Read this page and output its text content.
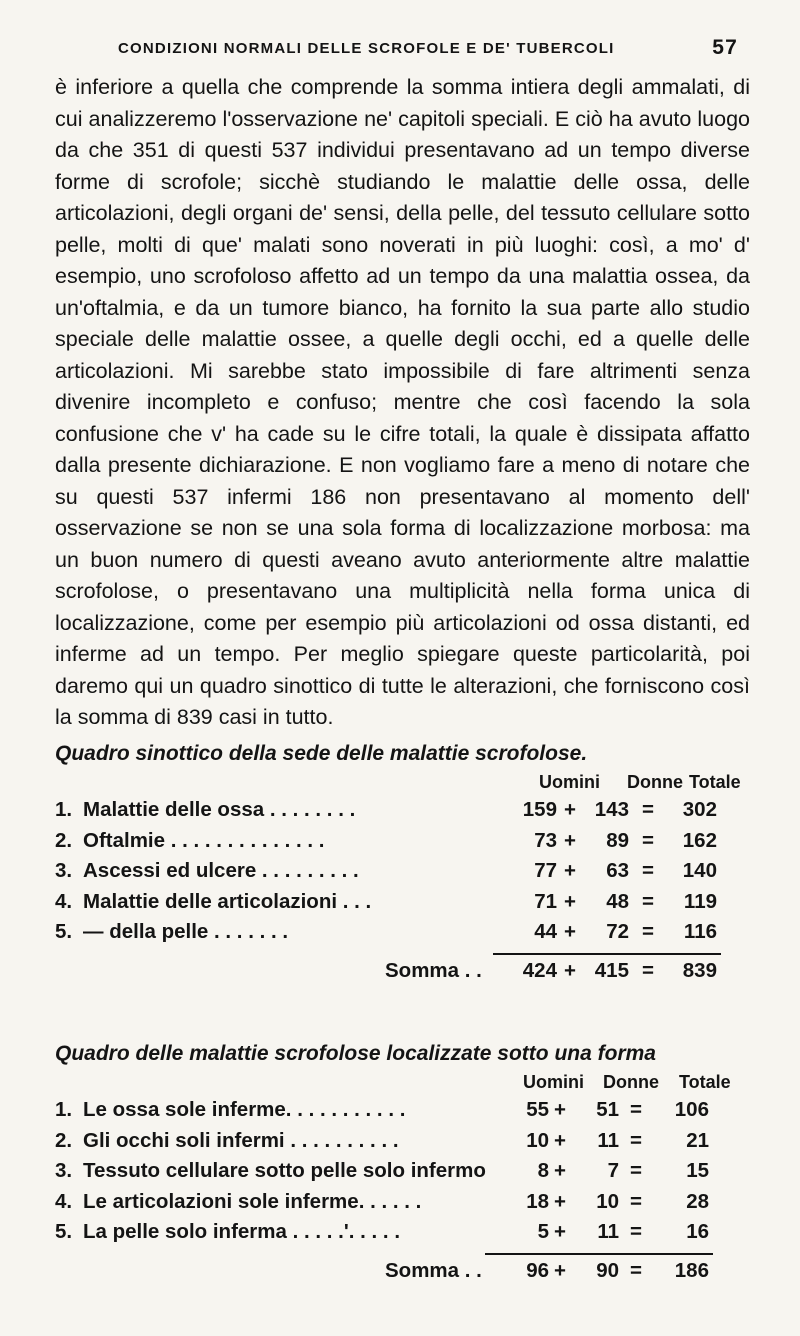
CONDIZIONI NORMALI DELLE SCROFOLE E DE' TUBERCOLI	57
è inferiore a quella che comprende la somma intiera degli ammalati, di cui analizzeremo l'osservazione ne' capitoli speciali. E ciò ha avuto luogo da che 351 di questi 537 individui presentavano ad un tempo diverse forme di scrofole; sicchè studiando le malattie delle ossa, delle articolazioni, degli organi de' sensi, della pelle, del tessuto cellulare sotto pelle, molti di que' malati sono noverati in più luoghi: così, a mo' d' esempio, uno scrofoloso affetto ad un tempo da una malattia ossea, da un'oftalmia, e da un tumore bianco, ha fornito la sua parte allo studio speciale delle malattie ossee, a quelle degli occhi, ed a quelle delle articolazioni. Mi sarebbe stato impossibile di fare altrimenti senza divenire incompleto e confuso; mentre che così facendo la sola confusione che v' ha cade su le cifre totali, la quale è dissipata affatto dalla presente dichiarazione. E non vogliamo fare a meno di notare che su questi 537 infermi 186 non presentavano al momento dell' osservazione se non se una sola forma di localizzazione morbosa: ma un buon numero di questi aveano avuto anteriormente altre malattie scrofolose, o presentavano una multiplicità nella forma unica di localizzazione, come per esempio più articolazioni od ossa distanti, ed inferme ad un tempo. Per meglio spiegare queste particolarità, poi daremo qui un quadro sinottico di tutte le alterazioni, che forniscono così la somma di 839 casi in tutto.
Quadro sinottico della sede delle malattie scrofolose.
Uomini Donne Totale
1. Malattie delle ossa . . . . . . . .	159 + 143 =	302
2. Oftalmie . . . . . . . . . . . . . .	73 +	89 =	162
3. Ascessi ed ulcere . . . . . . . . .	77 +	63 =	140
4. Malattie delle articolazioni . . .	71 +	48 =	119
5. — della pelle . . . . . . .	44 +	72 =	116
Somma . .	424 + 415 =	839
Quadro delle malattie scrofolose localizzate sotto una forma
Uomini Donne Totale
1. Le ossa sole inferme. . . . . . . . . . .	55 +	51 =	106
2. Gli occhi soli infermi . . . . . . . . . .	10 +	11 =	21
3. Tessuto cellulare sotto pelle solo infermo	8 +	7 =	15
4. Le articolazioni sole inferme. . . . . .	18 +	10 =	28
5. La pelle solo inferma . . . . .'. . . . .	5 +	11 =	16
Somma . .	96 +	90 =	186
